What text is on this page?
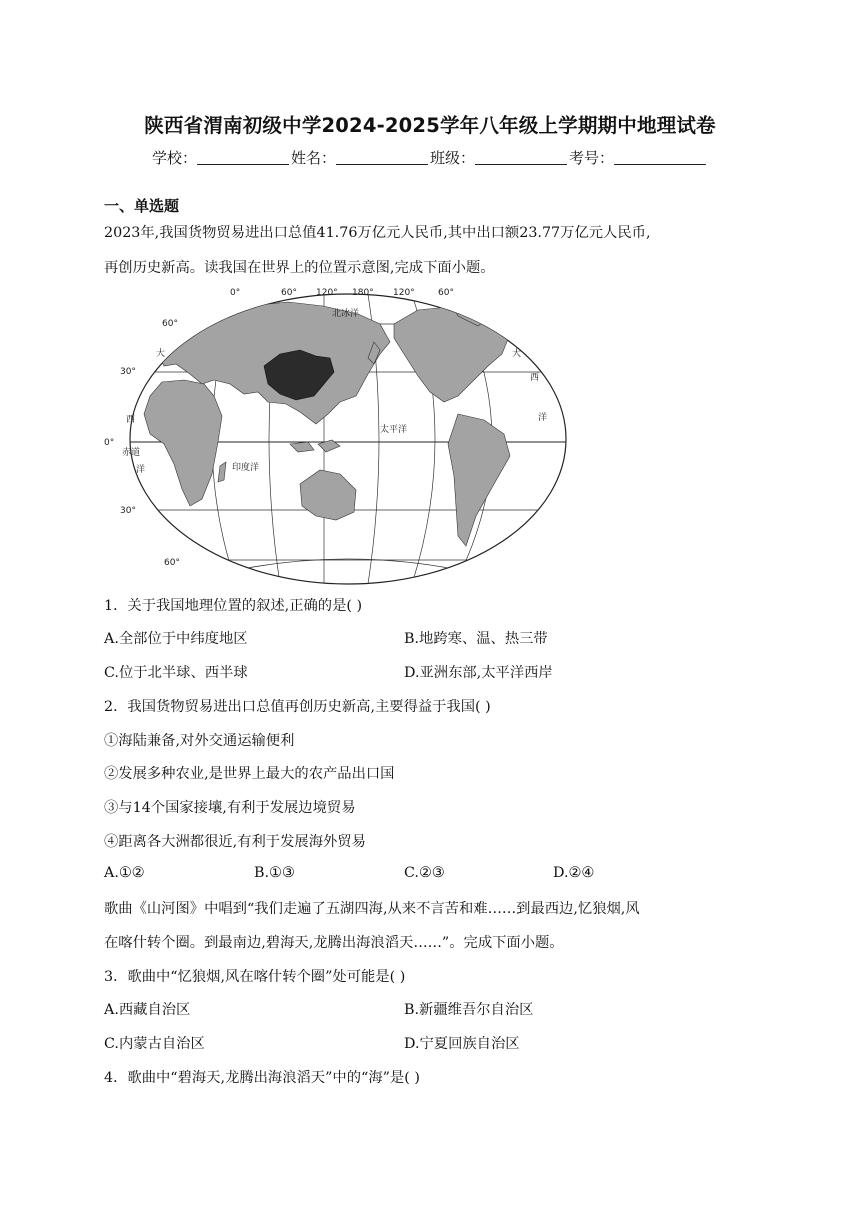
陕西省渭南初级中学2024-2025学年八年级上学期期中地理试卷
学校：	姓名：	班级：	考号：
一、单选题
2023年,我国货物贸易进出口总值41.76万亿元人民币,其中出口额23.77万亿元人民币,
再创历史新高。读我国在世界上的位置示意图,完成下面小题。
0°	60° 120° 180° 120°	60°
60°
30°
0°
30°
60°
北冰洋
太平洋
印度洋
大
西
洋
大
西
洋
赤道
1．关于我国地理位置的叙述,正确的是( )
A.全部位于中纬度地区	B.地跨寒、温、热三带
C.位于北半球、西半球	D.亚洲东部,太平洋西岸
2．我国货物贸易进出口总值再创历史新高,主要得益于我国( )
①海陆兼备,对外交通运输便利
②发展多种农业,是世界上最大的农产品出口国
③与14个国家接壤,有利于发展边境贸易
④距离各大洲都很近,有利于发展海外贸易
A.①②	B.①③	C.②③	D.②④
歌曲《山河图》中唱到“我们走遍了五湖四海,从来不言苦和难……到最西边,忆狼烟,风
在喀什转个圈。到最南边,碧海天,龙腾出海浪滔天……”。完成下面小题。
3．歌曲中“忆狼烟,风在喀什转个圈”处可能是( )
A.西藏自治区	B.新疆维吾尔自治区
C.内蒙古自治区	D.宁夏回族自治区
4．歌曲中“碧海天,龙腾出海浪滔天”中的“海”是( )
